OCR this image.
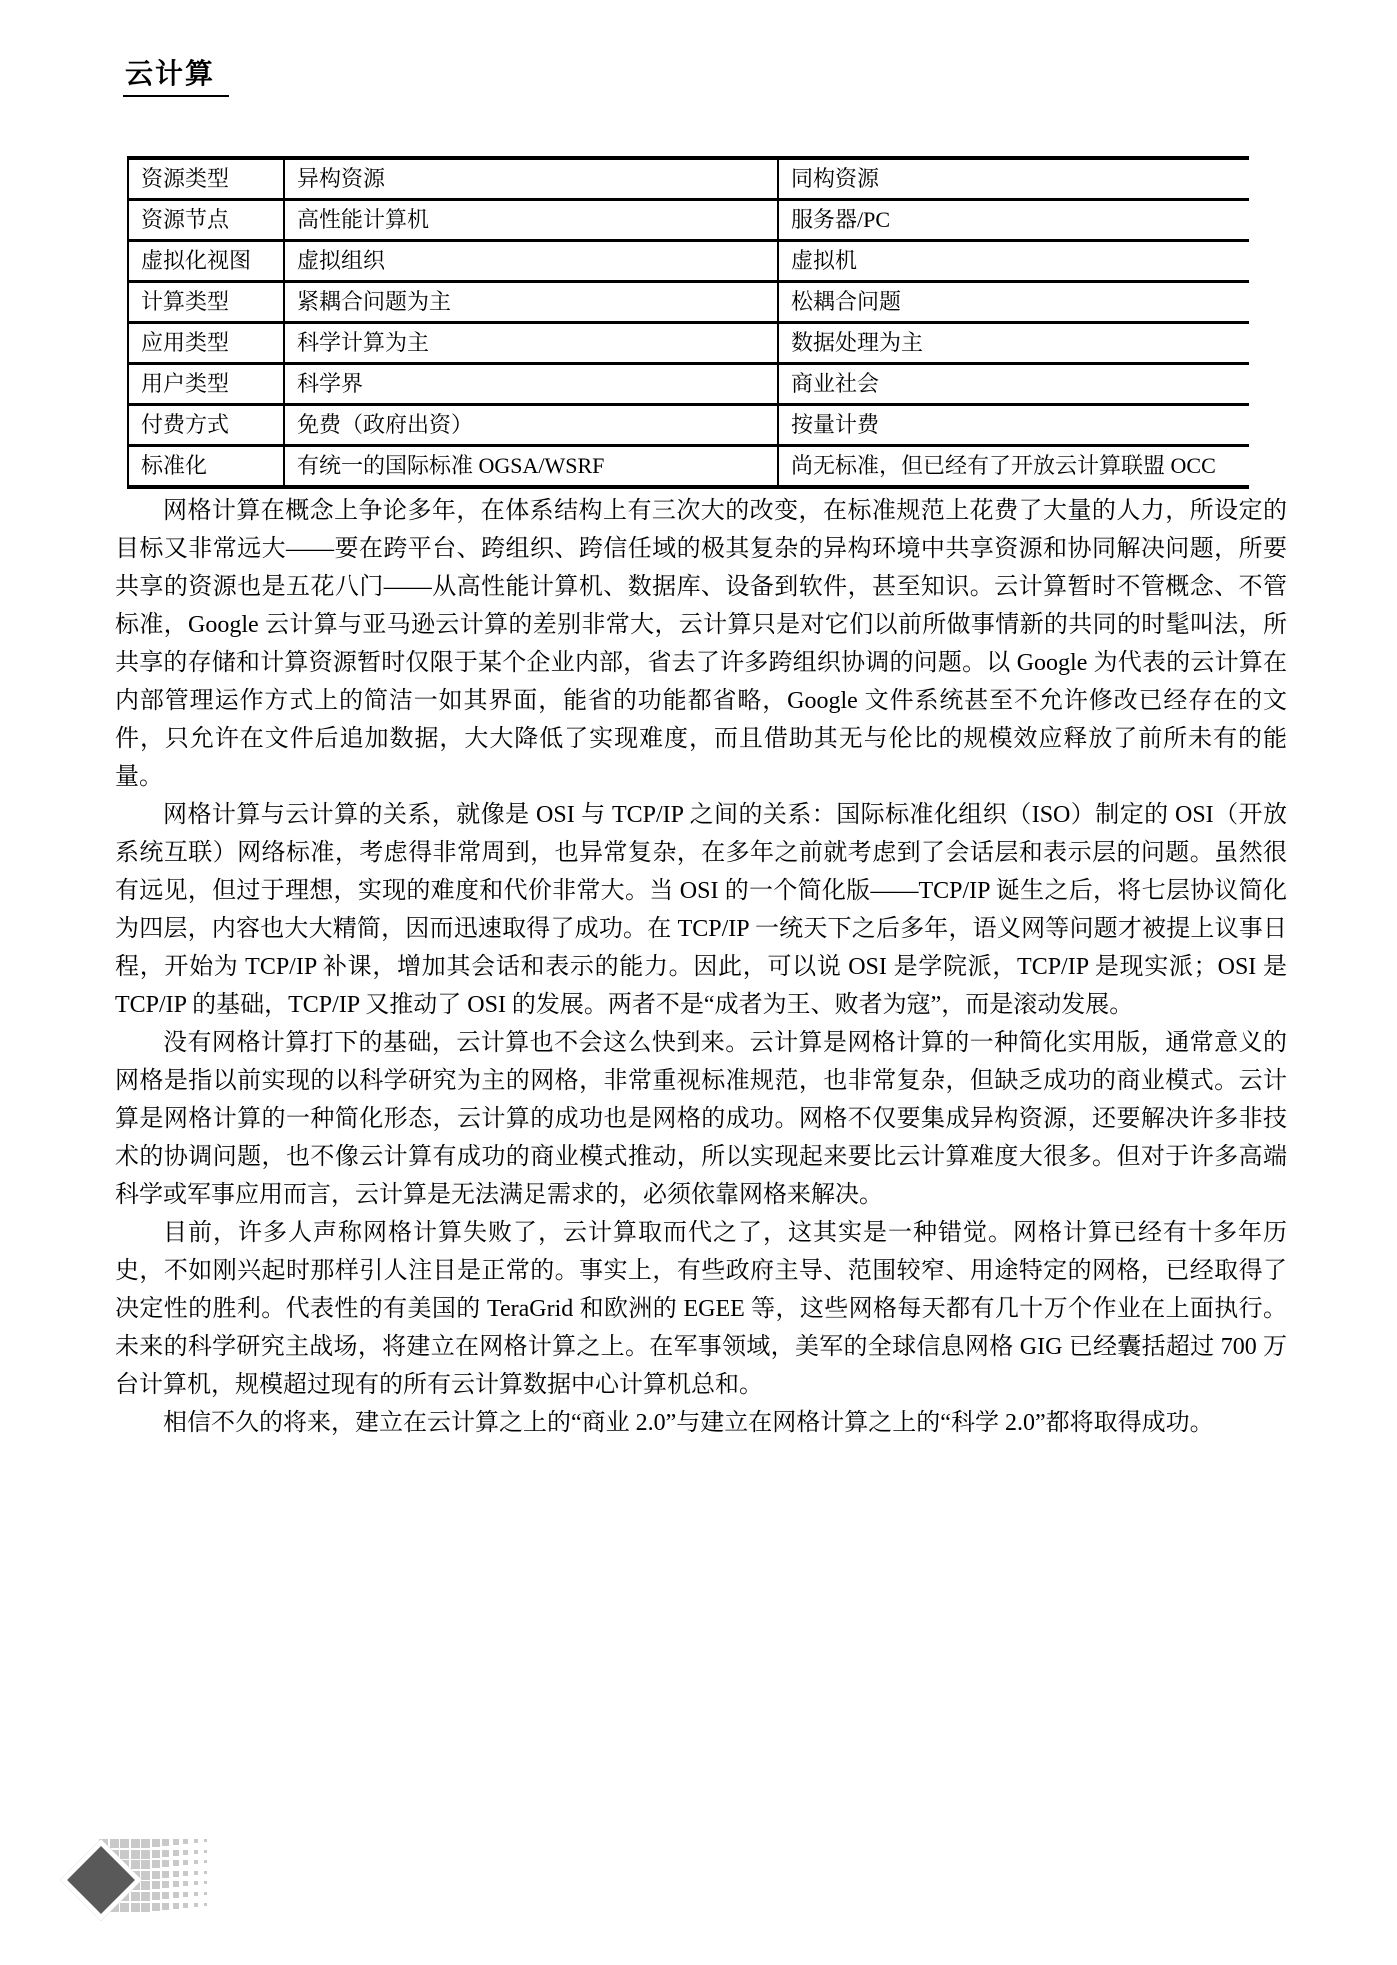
云计算
资源类型	异构资源	同构资源
资源节点	高性能计算机	服务器/PC
虚拟化视图	虚拟组织	虚拟机
计算类型	紧耦合问题为主	松耦合问题
应用类型	科学计算为主	数据处理为主
用户类型	科学界	商业社会
付费方式	免费（政府出资）	按量计费
标准化	有统一的国际标准 OGSA/WSRF	尚无标准，但已经有了开放云计算联盟 OCC

网格计算在概念上争论多年，在体系结构上有三次大的改变，在标准规范上花费了大量的人力，所设定的目标又非常远大——要在跨平台、跨组织、跨信任域的极其复杂的异构环境中共享资源和协同解决问题，所要共享的资源也是五花八门——从高性能计算机、数据库、设备到软件，甚至知识。云计算暂时不管概念、不管标准，Google 云计算与亚马逊云计算的差别非常大，云计算只是对它们以前所做事情新的共同的时髦叫法，所共享的存储和计算资源暂时仅限于某个企业内部，省去了许多跨组织协调的问题。以 Google 为代表的云计算在内部管理运作方式上的简洁一如其界面，能省的功能都省略，Google 文件系统甚至不允许修改已经存在的文件，只允许在文件后追加数据，大大降低了实现难度，而且借助其无与伦比的规模效应释放了前所未有的能量。

网格计算与云计算的关系，就像是 OSI 与 TCP/IP 之间的关系：国际标准化组织（ISO）制定的 OSI（开放系统互联）网络标准，考虑得非常周到，也异常复杂，在多年之前就考虑到了会话层和表示层的问题。虽然很有远见，但过于理想，实现的难度和代价非常大。当 OSI 的一个简化版——TCP/IP 诞生之后，将七层协议简化为四层，内容也大大精简，因而迅速取得了成功。在 TCP/IP 一统天下之后多年，语义网等问题才被提上议事日程，开始为 TCP/IP 补课，增加其会话和表示的能力。因此，可以说 OSI 是学院派，TCP/IP 是现实派；OSI 是 TCP/IP 的基础，TCP/IP 又推动了 OSI 的发展。两者不是“成者为王、败者为寇”，而是滚动发展。

没有网格计算打下的基础，云计算也不会这么快到来。云计算是网格计算的一种简化实用版，通常意义的网格是指以前实现的以科学研究为主的网格，非常重视标准规范，也非常复杂，但缺乏成功的商业模式。云计算是网格计算的一种简化形态，云计算的成功也是网格的成功。网格不仅要集成异构资源，还要解决许多非技术的协调问题，也不像云计算有成功的商业模式推动，所以实现起来要比云计算难度大很多。但对于许多高端科学或军事应用而言，云计算是无法满足需求的，必须依靠网格来解决。

目前，许多人声称网格计算失败了，云计算取而代之了，这其实是一种错觉。网格计算已经有十多年历史，不如刚兴起时那样引人注目是正常的。事实上，有些政府主导、范围较窄、用途特定的网格，已经取得了决定性的胜利。代表性的有美国的 TeraGrid 和欧洲的 EGEE 等，这些网格每天都有几十万个作业在上面执行。未来的科学研究主战场，将建立在网格计算之上。在军事领域，美军的全球信息网格 GIG 已经囊括超过 700 万台计算机，规模超过现有的所有云计算数据中心计算机总和。

相信不久的将来，建立在云计算之上的“商业 2.0”与建立在网格计算之上的“科学 2.0”都将取得成功。
